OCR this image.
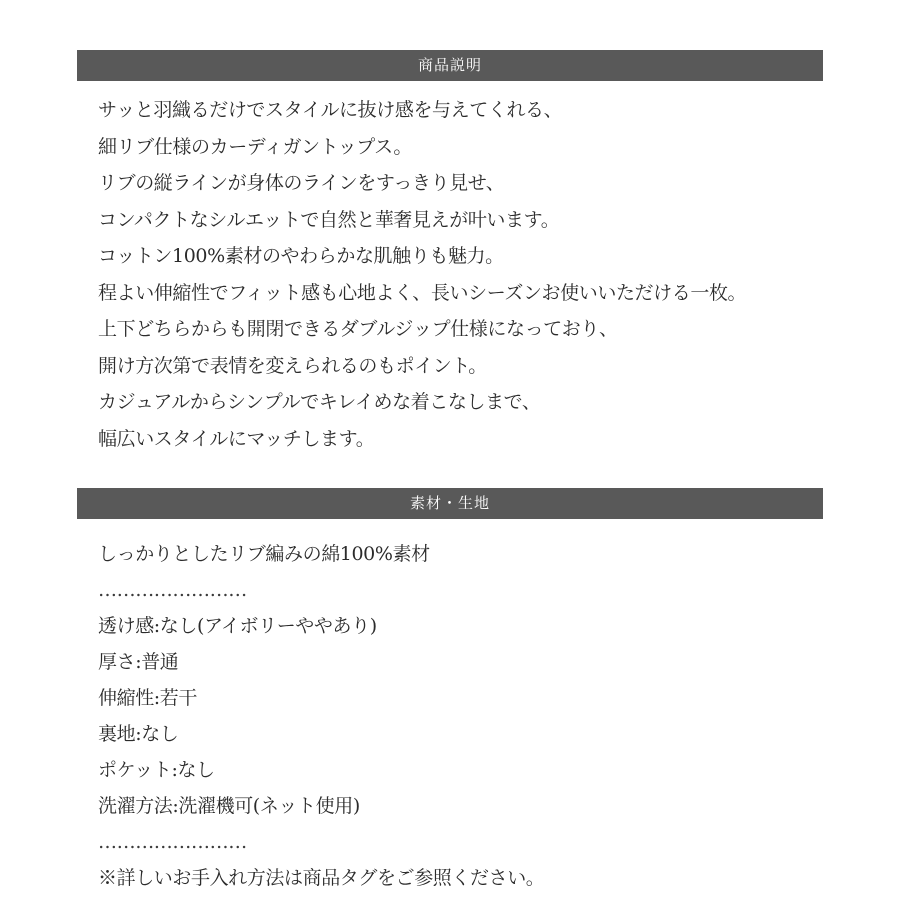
商品説明
サッと羽織るだけでスタイルに抜け感を与えてくれる、
細リブ仕様のカーディガントップス。
リブの縦ラインが身体のラインをすっきり見せ、
コンパクトなシルエットで自然と華奢見えが叶います。
コットン100%素材のやわらかな肌触りも魅力。
程よい伸縮性でフィット感も心地よく、長いシーズンお使いいただける一枚。
上下どちらからも開閉できるダブルジップ仕様になっており、
開け方次第で表情を変えられるのもポイント。
カジュアルからシンプルでキレイめな着こなしまで、
幅広いスタイルにマッチします。
素材・生地
しっかりとしたリブ編みの綿100%素材
……………………
透け感:なし(アイボリーややあり)
厚さ:普通
伸縮性:若干
裏地:なし
ポケット:なし
洗濯方法:洗濯機可(ネット使用)
……………………
※詳しいお手入れ方法は商品タグをご参照ください。
